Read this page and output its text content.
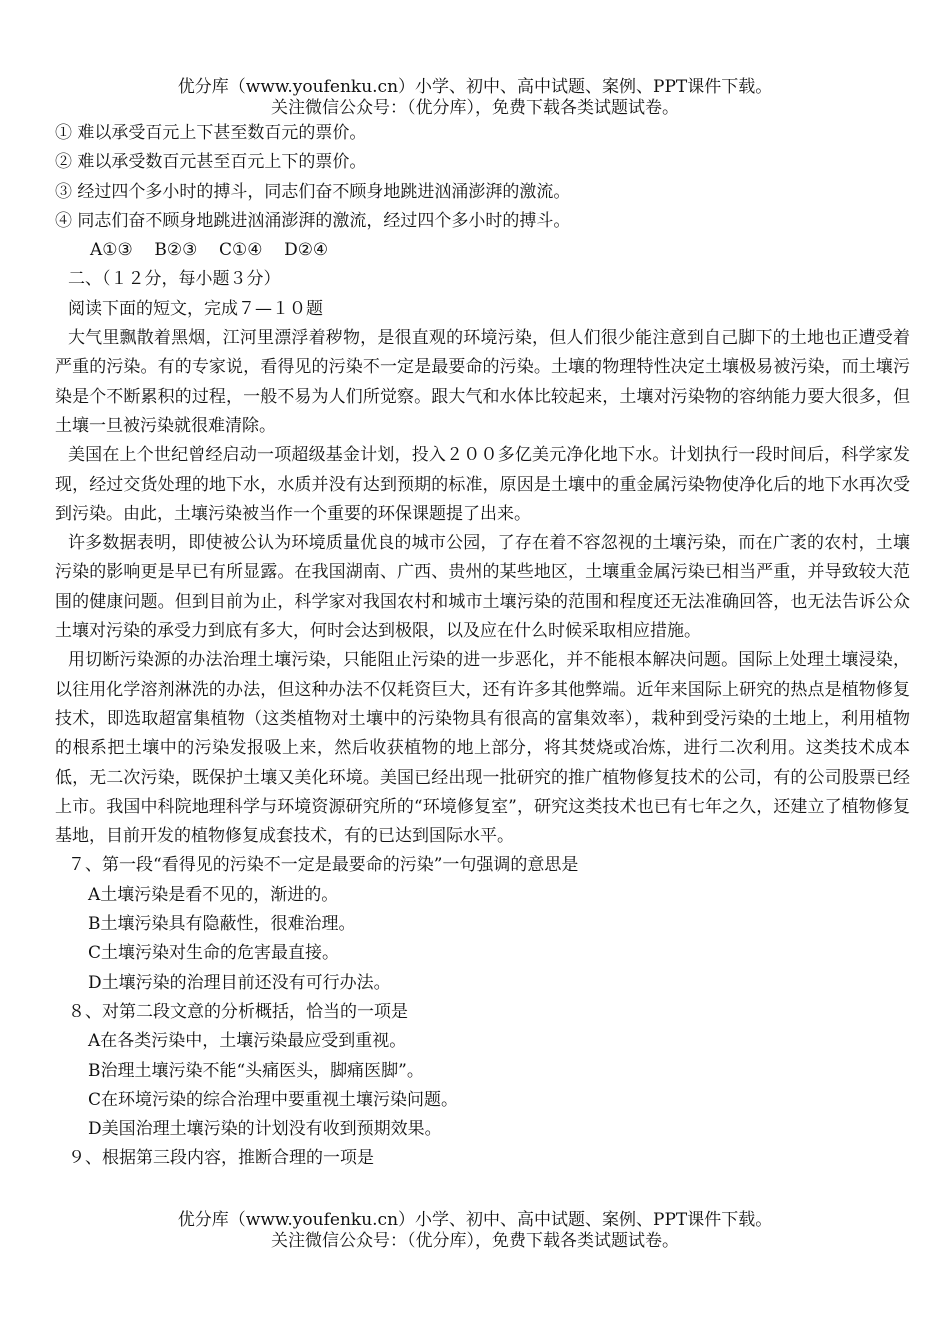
优分库（www.youfenku.cn）小学、初中、高中试题、案例、PPT课件下载。
关注微信公众号：（优分库），免费下载各类试题试卷。
① 难以承受百元上下甚至数百元的票价。
② 难以承受数百元甚至百元上下的票价。
③ 经过四个多小时的搏斗，同志们奋不顾身地跳进汹涌澎湃的激流。
④ 同志们奋不顾身地跳进汹涌澎湃的激流，经过四个多小时的搏斗。
A①③    B②③    C①④    D②④
二、（１２分，每小题３分）
阅读下面的短文，完成７—１０题
大气里飘散着黑烟，江河里漂浮着秽物，是很直观的环境污染，但人们很少能注意到自己脚下的土地也正遭受着严重的污染。有的专家说，看得见的污染不一定是最要命的污染。土壤的物理特性决定土壤极易被污染，而土壤污染是个不断累积的过程，一般不易为人们所觉察。跟大气和水体比较起来，土壤对污染物的容纳能力要大很多，但土壤一旦被污染就很难清除。
美国在上个世纪曾经启动一项超级基金计划，投入２００多亿美元净化地下水。计划执行一段时间后，科学家发现，经过交货处理的地下水，水质并没有达到预期的标准，原因是土壤中的重金属污染物使净化后的地下水再次受到污染。由此，土壤污染被当作一个重要的环保课题提了出来。
许多数据表明，即使被公认为环境质量优良的城市公园，了存在着不容忽视的土壤污染，而在广袤的农村，土壤污染的影响更是早已有所显露。在我国湖南、广西、贵州的某些地区，土壤重金属污染已相当严重，并导致较大范围的健康问题。但到目前为止，科学家对我国农村和城市土壤污染的范围和程度还无法准确回答，也无法告诉公众土壤对污染的承受力到底有多大，何时会达到极限，以及应在什么时候采取相应措施。
用切断污染源的办法治理土壤污染，只能阻止污染的进一步恶化，并不能根本解决问题。国际上处理土壤浸染，以往用化学溶剂淋洗的办法，但这种办法不仅耗资巨大，还有许多其他弊端。近年来国际上研究的热点是植物修复技术，即选取超富集植物（这类植物对土壤中的污染物具有很高的富集效率），栽种到受污染的土地上，利用植物的根系把土壤中的污染发报吸上来，然后收获植物的地上部分，将其焚烧或冶炼，进行二次利用。这类技术成本低，无二次污染，既保护土壤又美化环境。美国已经出现一批研究的推广植物修复技术的公司，有的公司股票已经上市。我国中科院地理科学与环境资源研究所的“环境修复室”，研究这类技术也已有七年之久，还建立了植物修复基地，目前开发的植物修复成套技术，有的已达到国际水平。
７、第一段“看得见的污染不一定是最要命的污染”一句强调的意思是
A土壤污染是看不见的，渐进的。
B土壤污染具有隐蔽性，很难治理。
C土壤污染对生命的危害最直接。
D土壤污染的治理目前还没有可行办法。
８、对第二段文意的分析概括，恰当的一项是
A在各类污染中，土壤污染最应受到重视。
B治理土壤污染不能“头痛医头，脚痛医脚”。
C在环境污染的综合治理中要重视土壤污染问题。
D美国治理土壤污染的计划没有收到预期效果。
９、根据第三段内容，推断合理的一项是
优分库（www.youfenku.cn）小学、初中、高中试题、案例、PPT课件下载。
关注微信公众号：（优分库），免费下载各类试题试卷。
